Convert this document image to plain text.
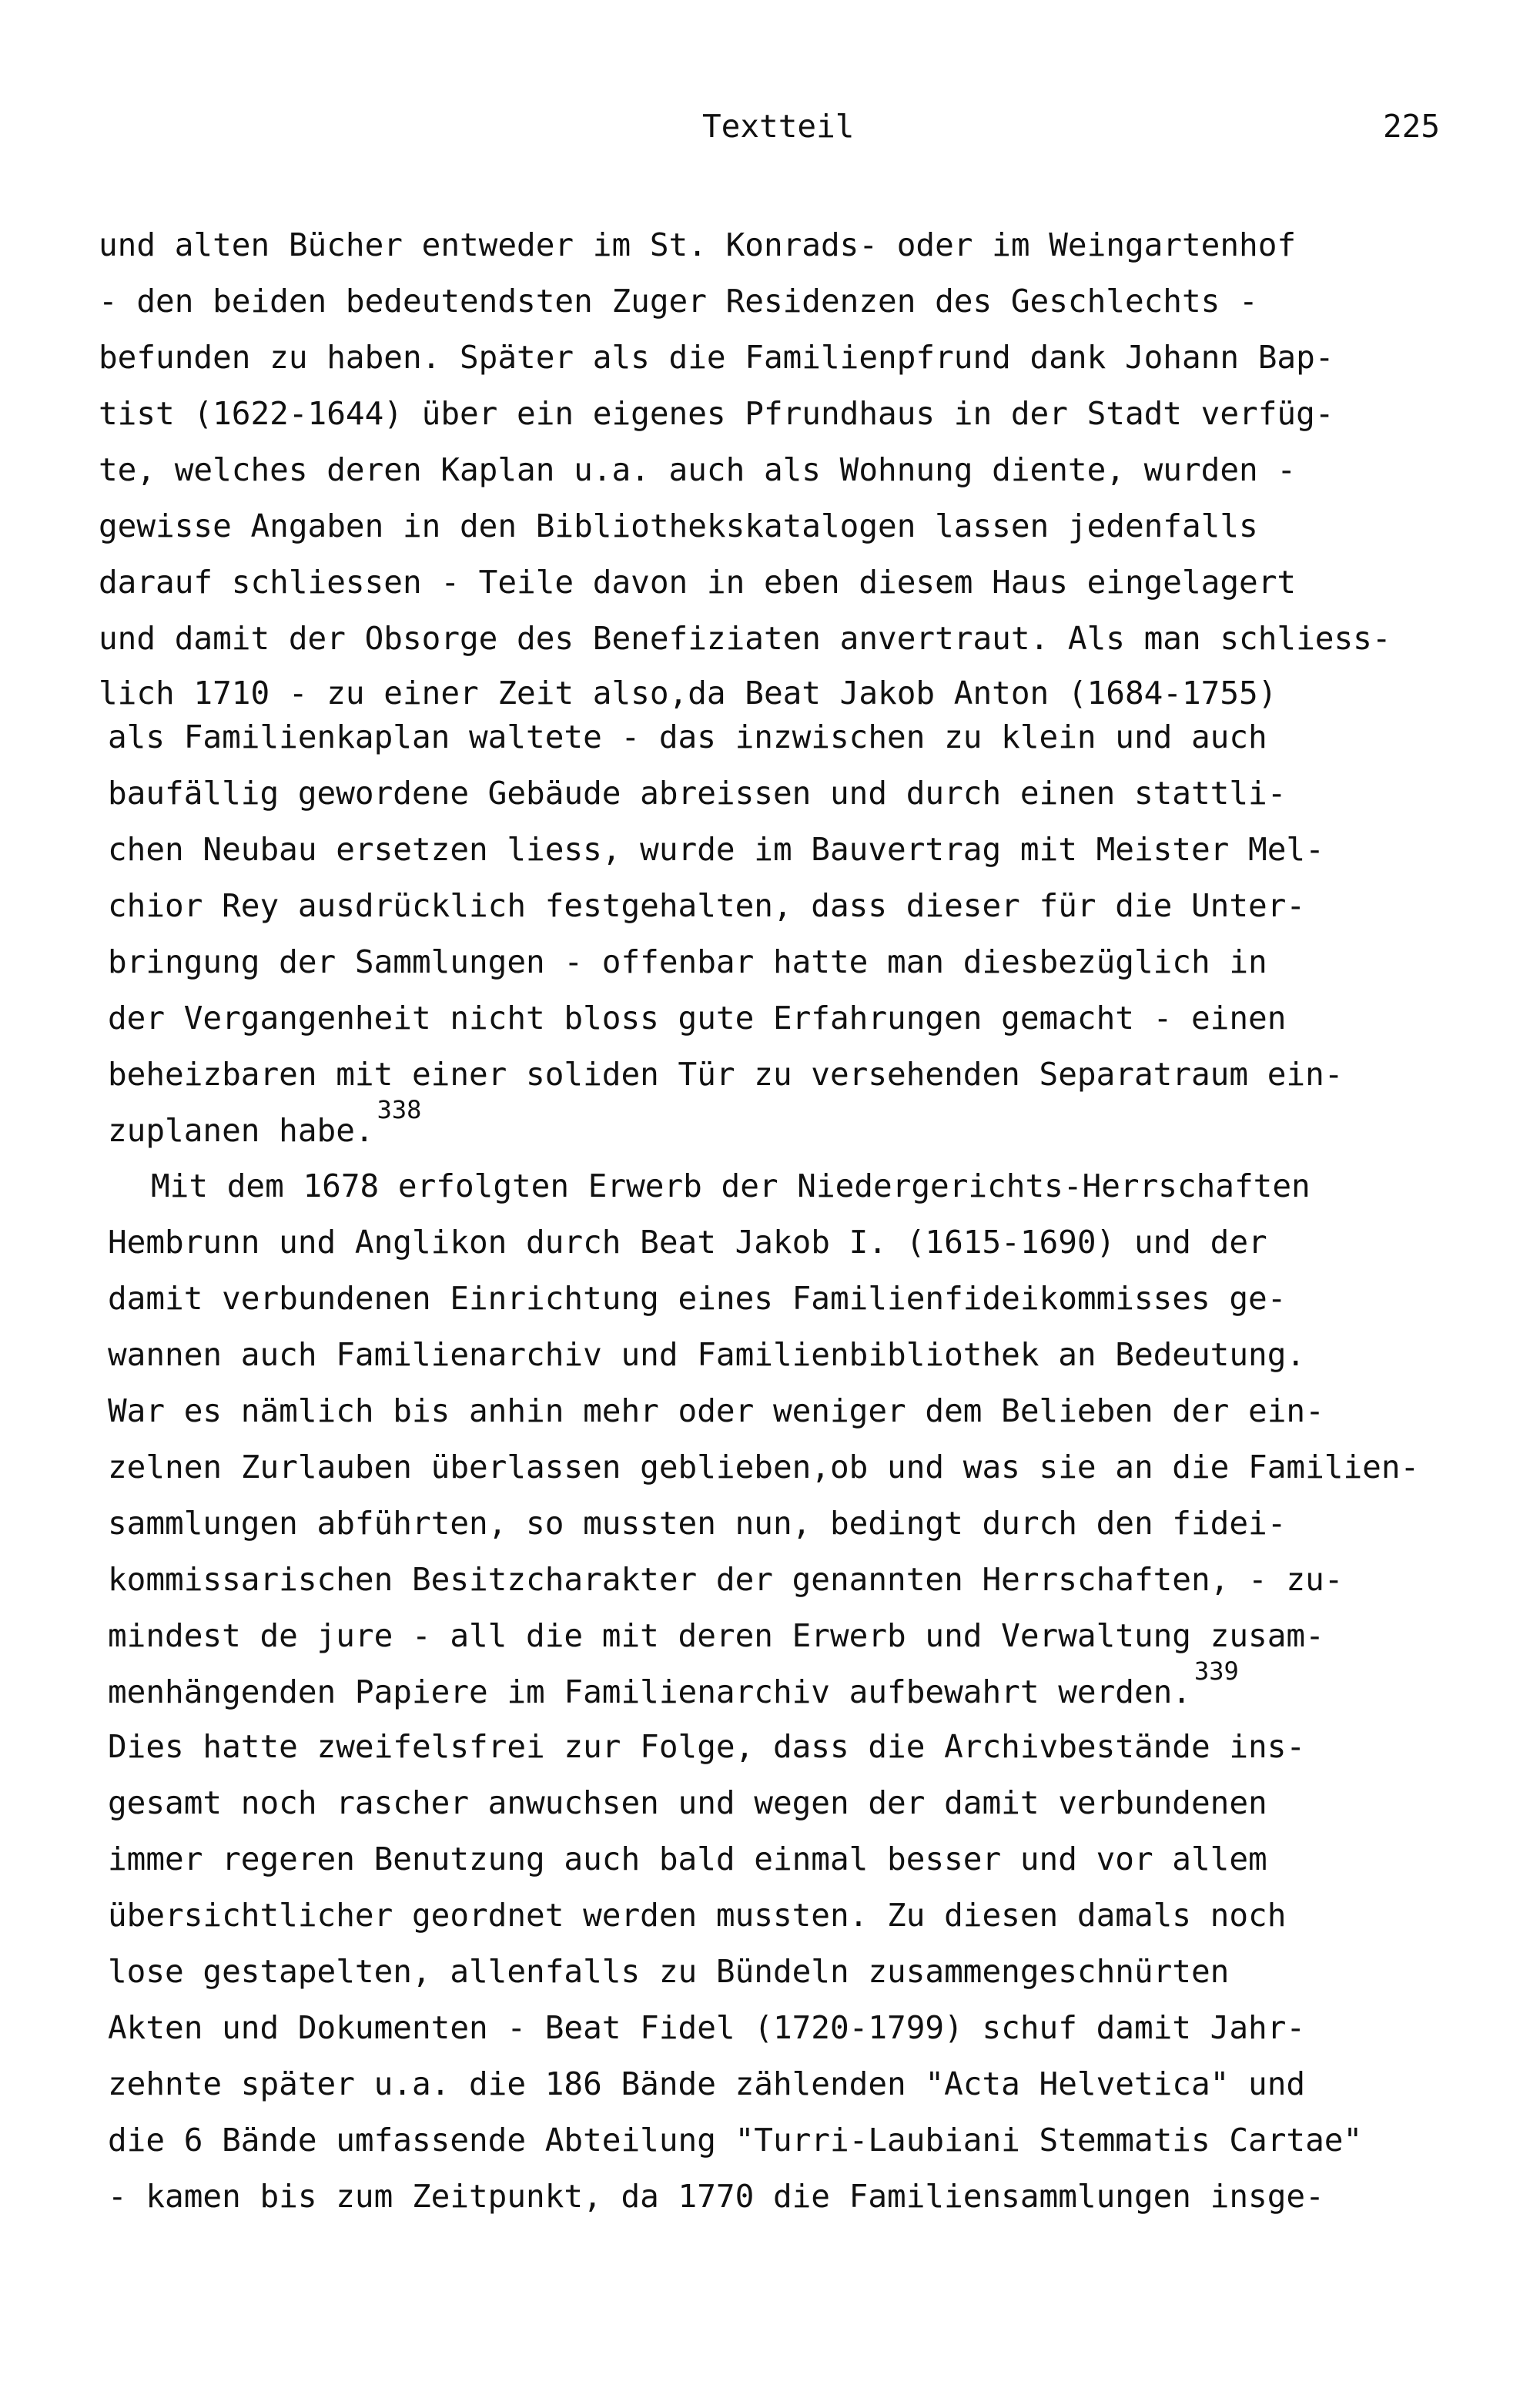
Textteil	225
und alten Bücher entweder im St. Konrads- oder im Weingartenhof
- den beiden bedeutendsten Zuger Residenzen des Geschlechts -
befunden zu haben. Später als die Familienpfrund dank Johann Bap-
tist (1622-1644) über ein eigenes Pfrundhaus in der Stadt verfüg-
te, welches deren Kaplan u.a. auch als Wohnung diente, wurden -
gewisse Angaben in den Bibliothekskatalogen lassen jedenfalls
darauf schliessen - Teile davon in eben diesem Haus eingelagert
und damit der Obsorge des Benefiziaten anvertraut. Als man schliess-
lich 1710 - zu einer Zeit also,da Beat Jakob Anton (1684-1755)
als Familienkaplan waltete - das inzwischen zu klein und auch
baufällig gewordene Gebäude abreissen und durch einen stattli-
chen Neubau ersetzen liess, wurde im Bauvertrag mit Meister Mel-
chior Rey ausdrücklich festgehalten, dass dieser für die Unter-
bringung der Sammlungen - offenbar hatte man diesbezüglich in
der Vergangenheit nicht bloss gute Erfahrungen gemacht - einen
beheizbaren mit einer soliden Tür zu versehenden Separatraum ein-
zuplanen habe.$^{338}$
Mit dem 1678 erfolgten Erwerb der Niedergerichts-Herrschaften
Hembrunn und Anglikon durch Beat Jakob I. (1615-1690) und der
damit verbundenen Einrichtung eines Familienfideikommisses ge-
wannen auch Familienarchiv und Familienbibliothek an Bedeutung.
War es nämlich bis anhin mehr oder weniger dem Belieben der ein-
zelnen Zurlauben überlassen geblieben,ob und was sie an die Familien-
sammlungen abführten, so mussten nun, bedingt durch den fidei-
kommissarischen Besitzcharakter der genannten Herrschaften, - zu-
mindest de jure - all die mit deren Erwerb und Verwaltung zusam-
menhängenden Papiere im Familienarchiv aufbewahrt werden.$^{339}$
Dies hatte zweifelsfrei zur Folge, dass die Archivbestände ins-
gesamt noch rascher anwuchsen und wegen der damit verbundenen
immer regeren Benutzung auch bald einmal besser und vor allem
übersichtlicher geordnet werden mussten. Zu diesen damals noch
lose gestapelten, allenfalls zu Bündeln zusammengeschnürten
Akten und Dokumenten - Beat Fidel (1720-1799) schuf damit Jahr-
zehnte später u.a. die 186 Bände zählenden "Acta Helvetica" und
die 6 Bände umfassende Abteilung "Turri-Laubiani Stemmatis Cartae"
- kamen bis zum Zeitpunkt, da 1770 die Familiensammlungen insge-
